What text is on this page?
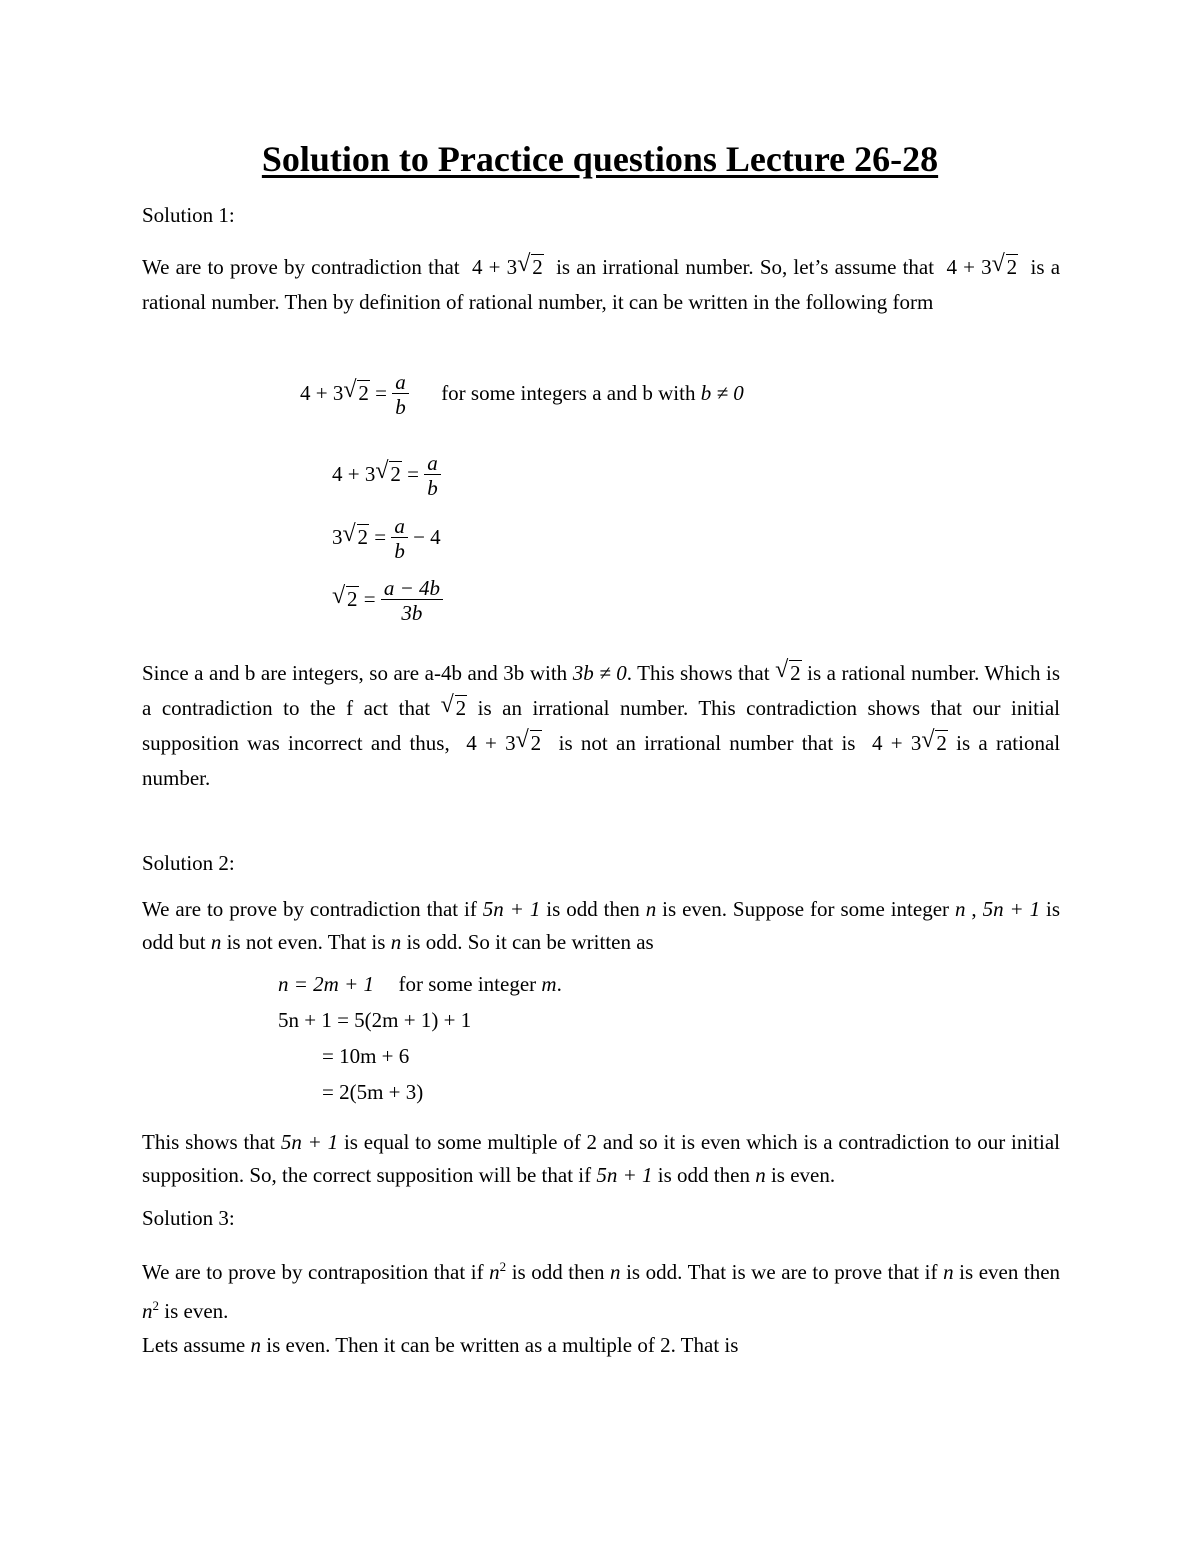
Solution to Practice questions Lecture 26-28
Solution 1:
We are to prove by contradiction that 4 + 3 √ 2 is an irrational number. So, let’s assume that 4 + 3 √ 2 is a rational number. Then by definition of rational number, it can be written in the following form
4 + 3 √ $2 = \frac{a}{b}$ for some integers a and b with b ≠ 0
4 + 3 √ $2 = \frac{a}{b}$
3 √ $2 = \frac{a}{b} - 4$
√ $2 = \frac{a - 4b}{3b}$
Since a and b are integers, so are a-4b and 3b with 3b ≠ 0. This shows that √ 2 is a rational number. Which is a contradiction to the f act that √ 2 is an irrational number. This contradiction shows that our initial supposition was incorrect and thus, 4 + 3 √ 2 is not an irrational number that is 4 + 3 √ 2 is a rational number.
Solution 2:
We are to prove by contradiction that if 5n + 1 is odd then n is even. Suppose for some integer n , 5n + 1 is odd but n is not even. That is n is odd. So it can be written as
n = 2m + 1 for some integer m.
5n + 1 = 5(2m + 1) + 1
= 10m + 6
= 2(5m + 3)
This shows that 5n + 1 is equal to some multiple of 2 and so it is even which is a contradiction to our initial supposition. So, the correct supposition will be that if 5n + 1 is odd then n is even.
Solution 3:
We are to prove by contraposition that if $n^2$ is odd then n is odd. That is we are to prove that if n is even then $n^2$ is even.
Lets assume n is even. Then it can be written as a multiple of 2. That is
